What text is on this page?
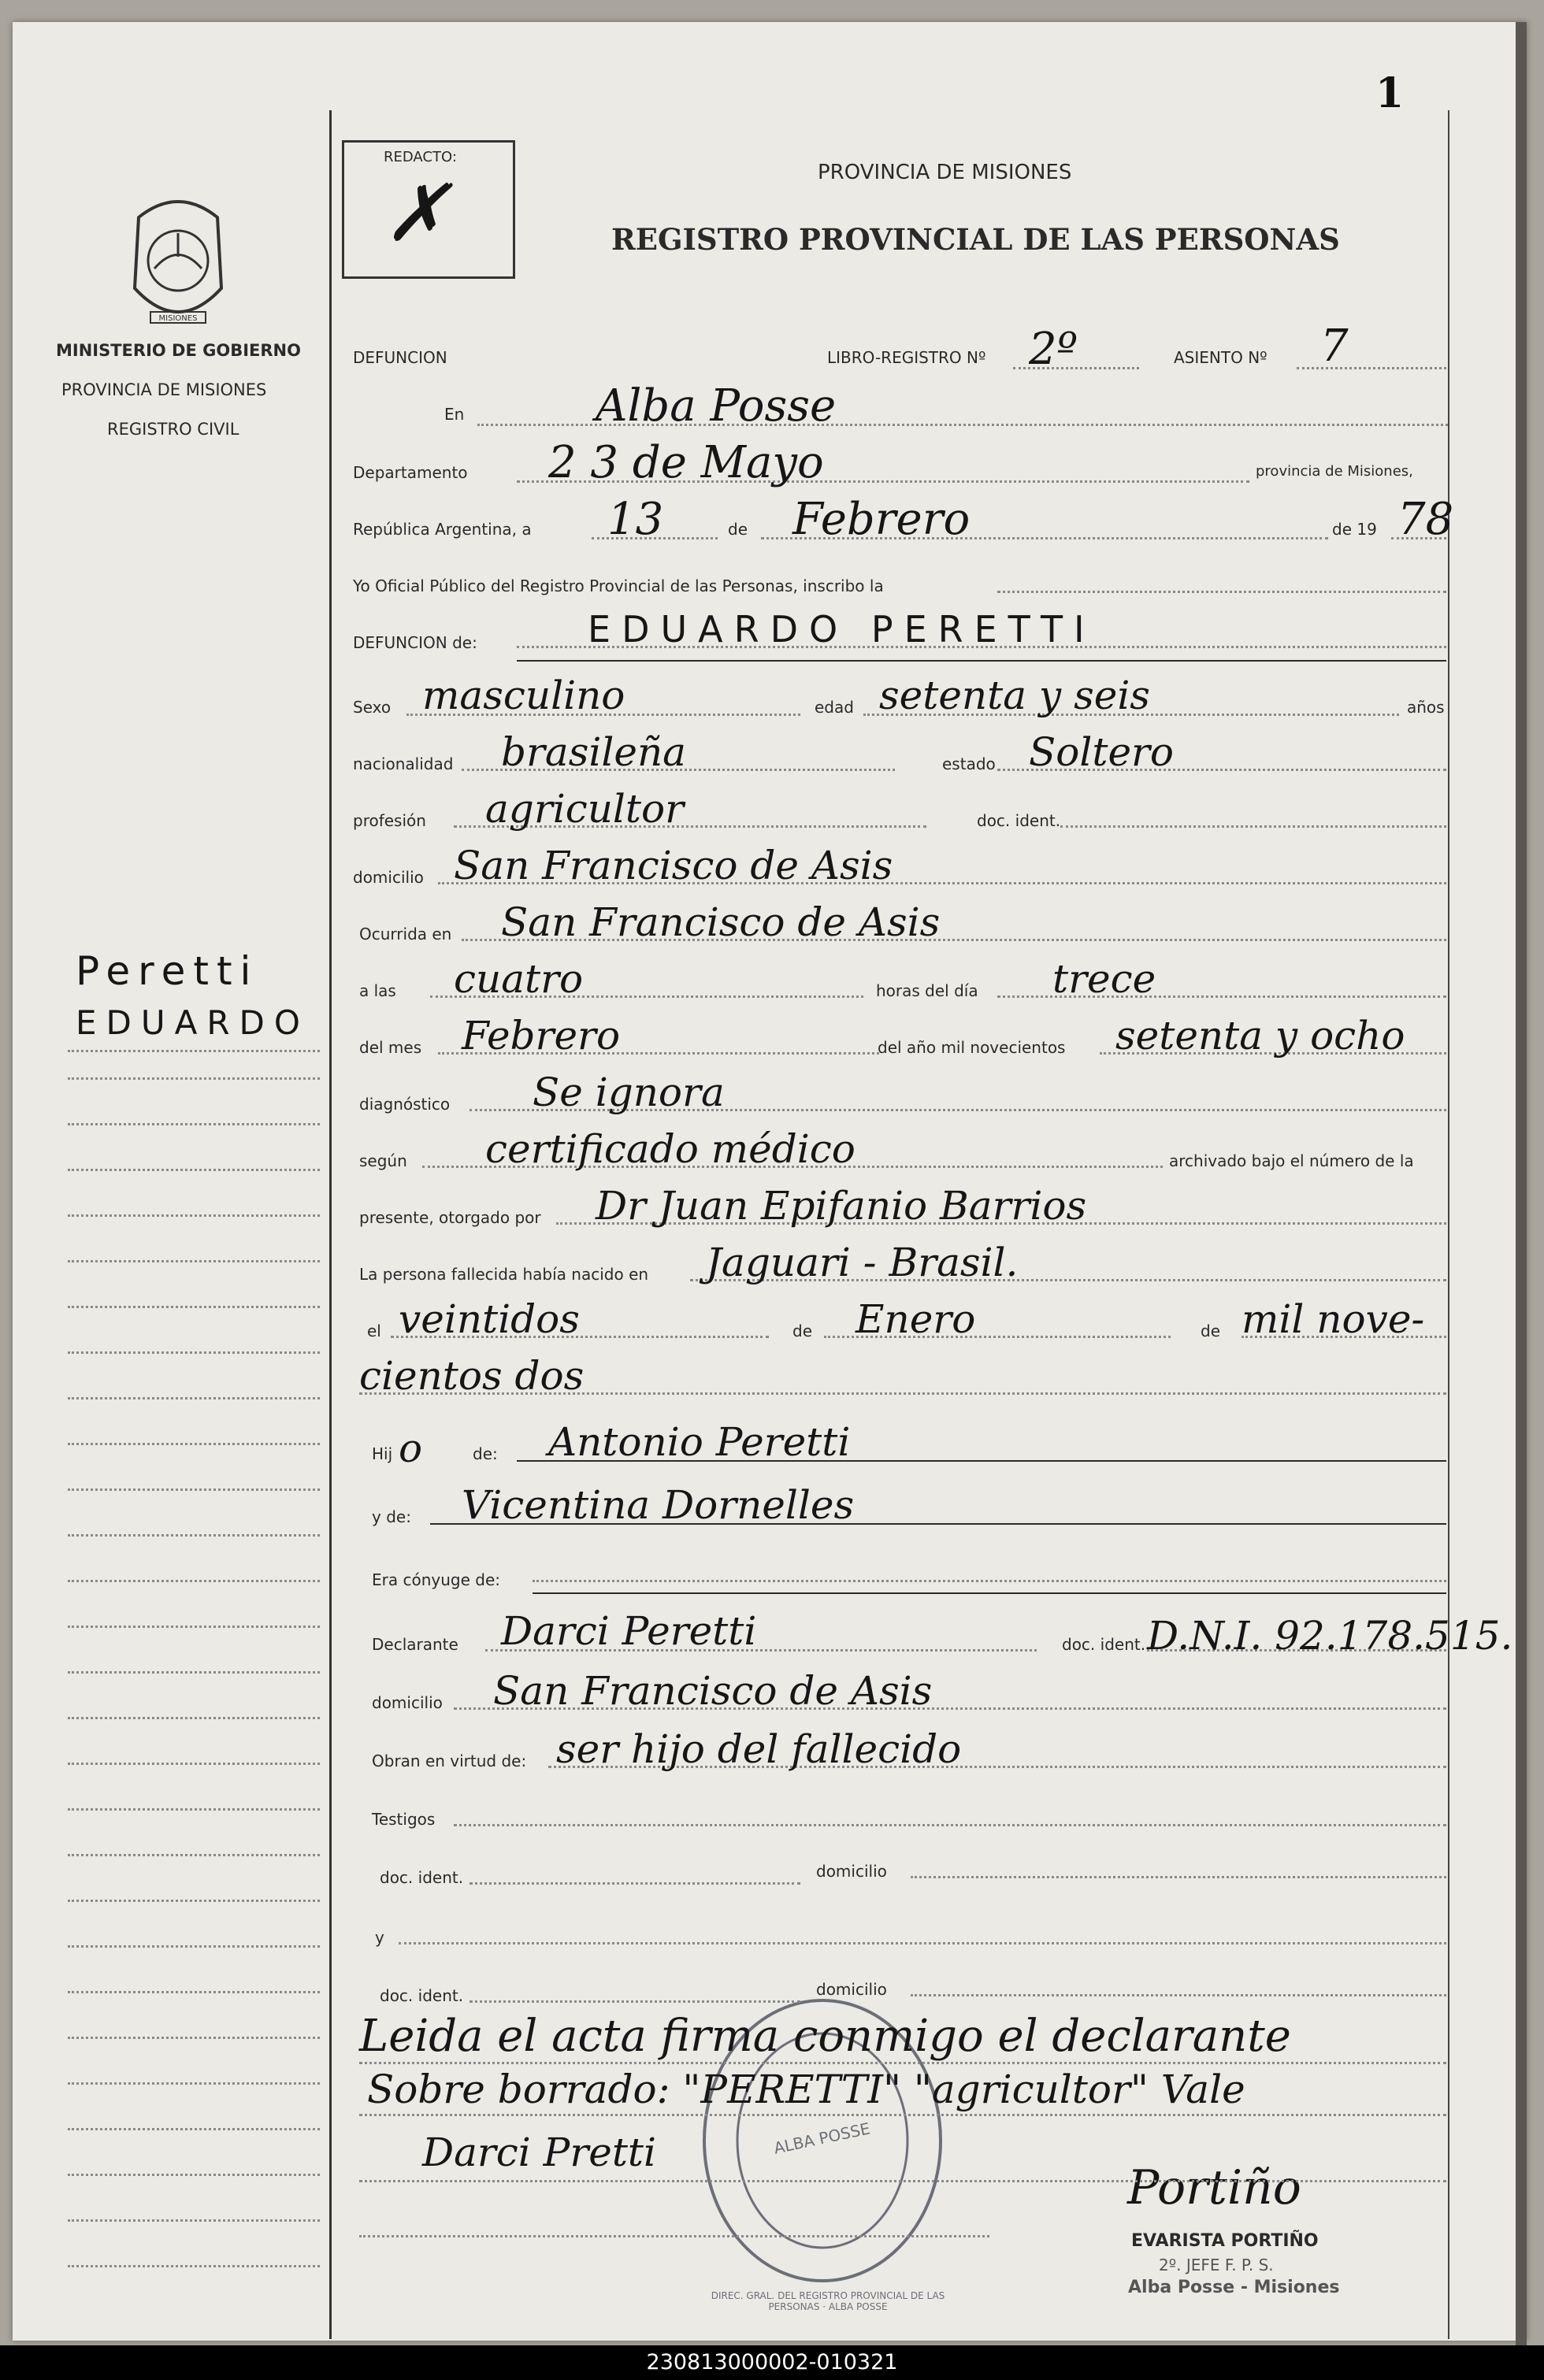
1
MISIONES
MINISTERIO DE GOBIERNO
PROVINCIA DE MISIONES
REGISTRO CIVIL
Peretti
EDUARDO
REDACTO:
✗	PROVINCIA DE MISIONES
REGISTRO PROVINCIAL DE LAS PERSONAS
ALBA POSSE
DIREC. GRAL. DEL REGISTRO PROVINCIAL DE LAS PERSONAS · ALBA POSSE
Portiño
EVARISTA PORTIÑO
2º. JEFE F. P. S.
Alba Posse - Misiones
DEFUNCION	LIBRO-REGISTRO Nº 2º	ASIENTO Nº 7
En	Alba Posse
Departamento 2 3 de Mayo	provincia de Misiones,
República Argentina, a 13	de Febrero	de 19 78
Yo Oficial Público del Registro Provincial de las Personas, inscribo la
DEFUNCION de:	EDUARDO PERETTI
Sexo masculino	edad setenta y seis	años
nacionalidad brasileña	estado Soltero
profesión agricultor	doc. ident.
domicilio San Francisco de Asis
Ocurrida en San Francisco de Asis
a las cuatro	horas del día trece
del mes Febrero	del año mil novecientos setenta y ocho
diagnóstico Se ignora
según certificado médico	archivado bajo el número de la
presente, otorgado por Dr Juan Epifanio Barrios
La persona fallecida había nacido en Jaguari - Brasil.
el veintidos	de Enero	de mil nove-
cientos dos
Hij o	de: Antonio Peretti
y de: Vicentina Dornelles
Era cónyuge de:
Declarante Darci Peretti	doc. ident. D.N.I. 92.178.515.
domicilio San Francisco de Asis
Obran en virtud de: ser hijo del fallecido
Testigos
doc. ident.	domicilio
y
doc. ident.	domicilio
Leida el acta firma conmigo el declarante
Sobre borrado: "PERETTI" "agricultor" Vale
Darci Pretti
230813000002-010321
